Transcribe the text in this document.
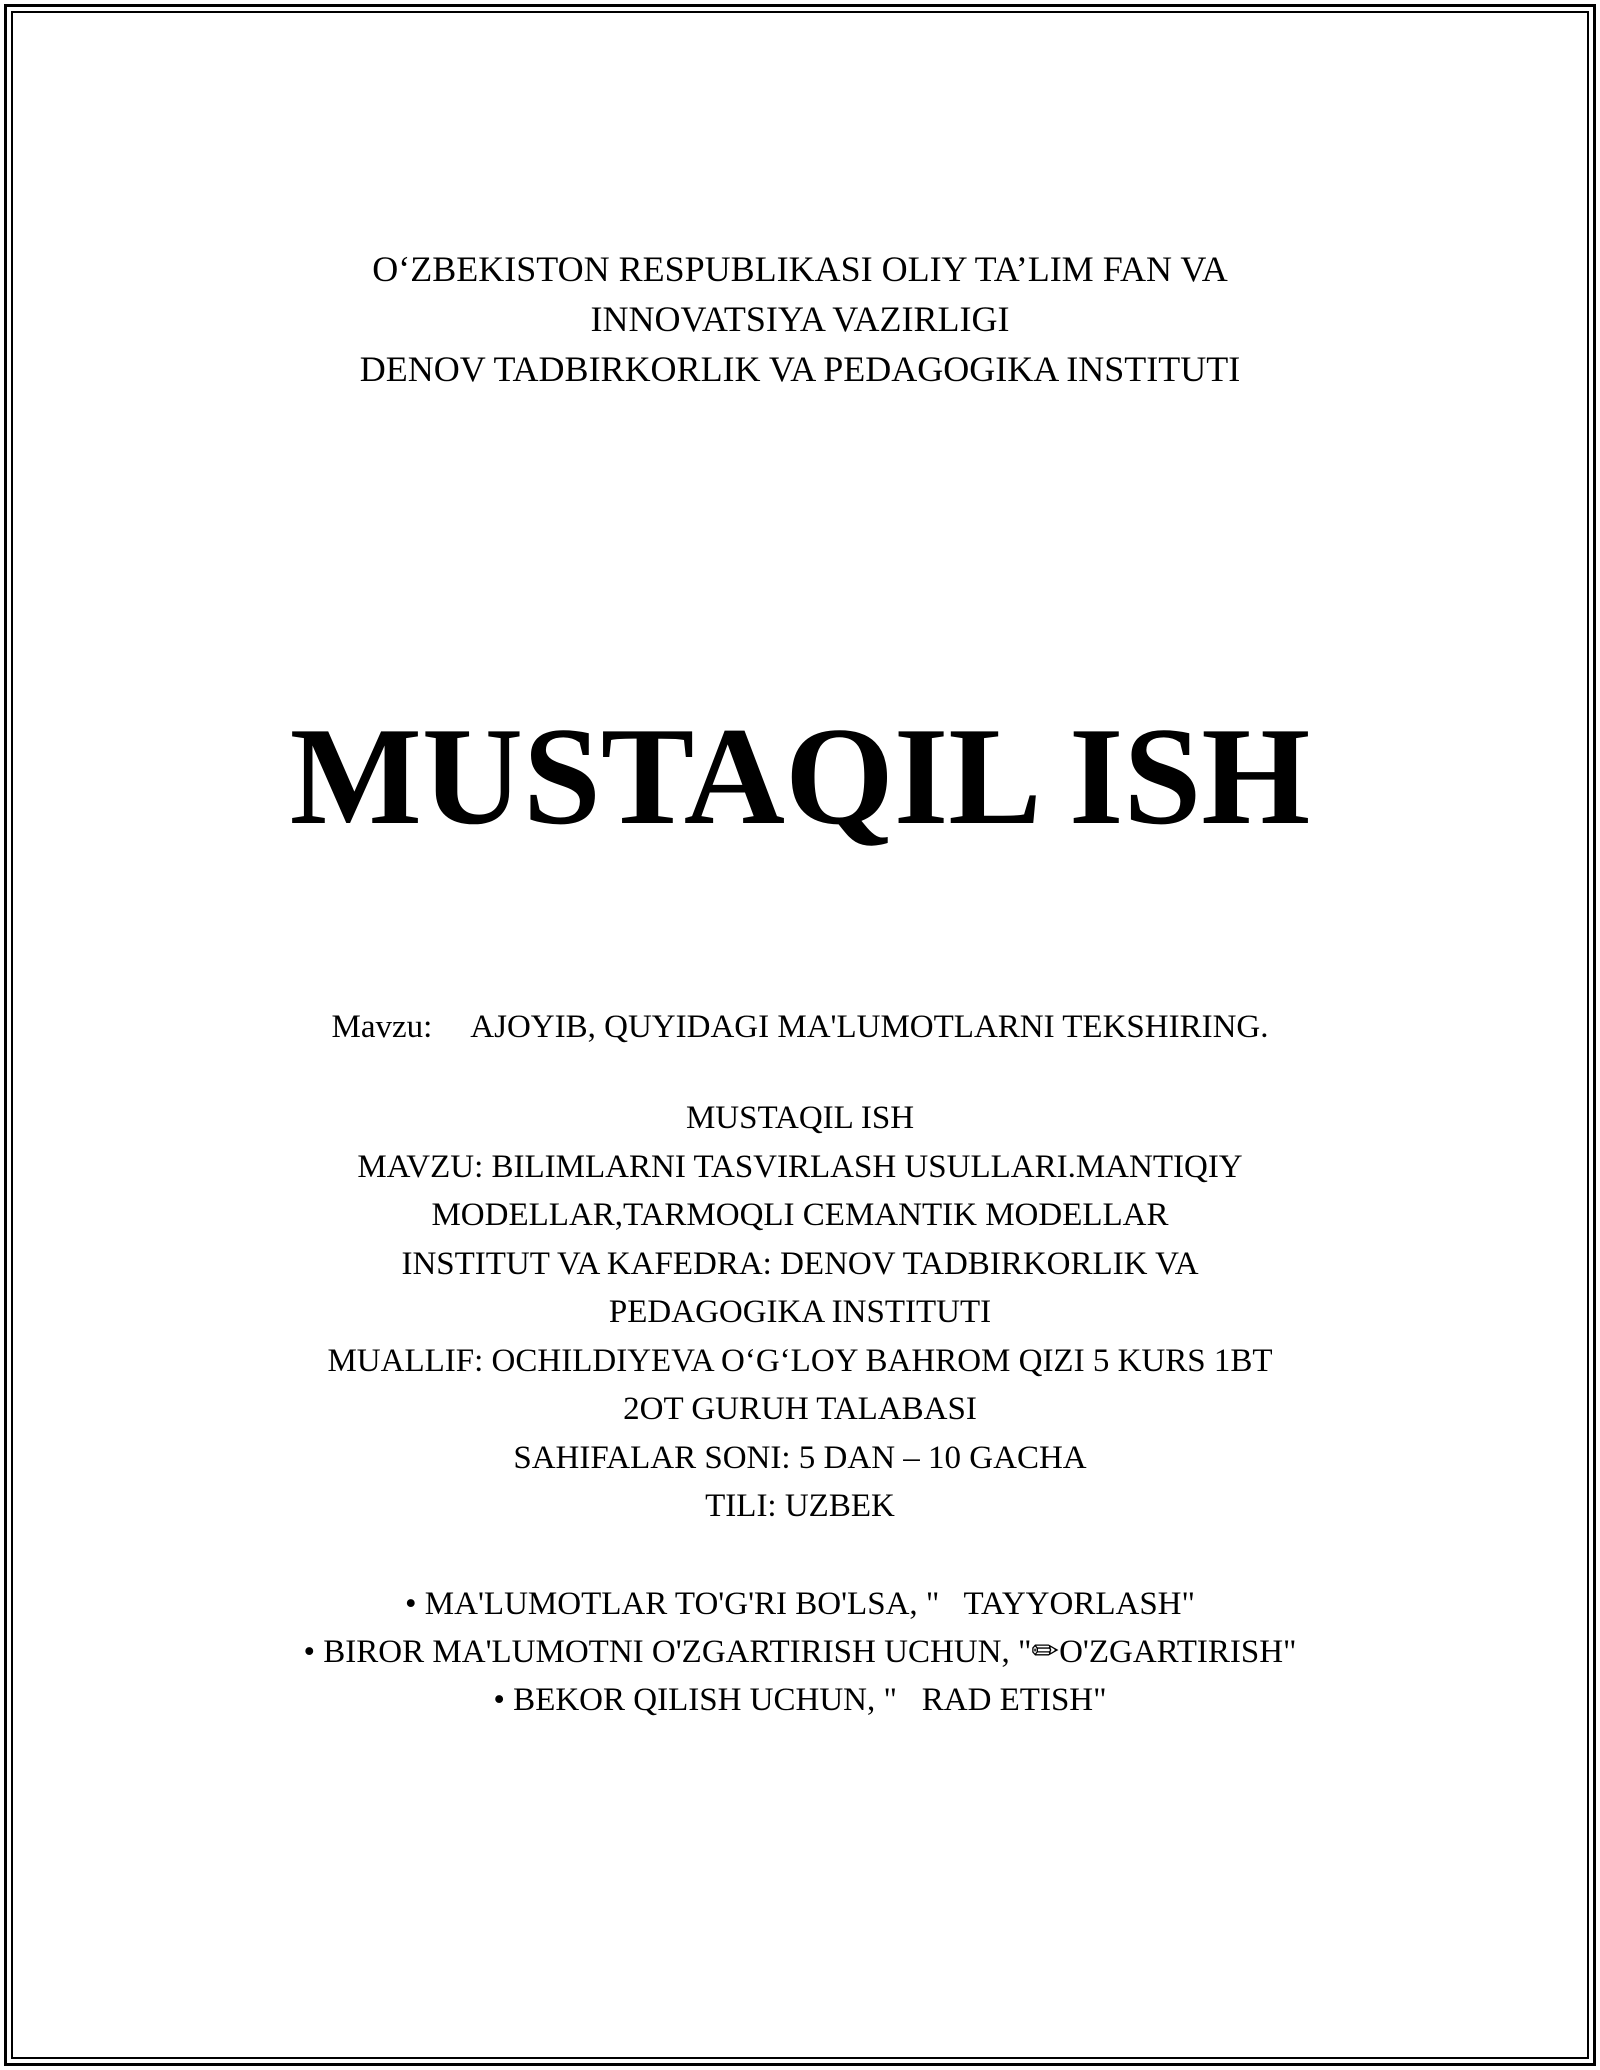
O‘ZBEKISTON RESPUBLIKASI OLIY TA’LIM FAN VA
INNOVATSIYA VAZIRLIGI
DENOV TADBIRKORLIK VA PEDAGOGIKA INSTITUTI
MUSTAQIL ISH
Mavzu: AJOYIB, QUYIDAGI MA'LUMOTLARNI TEKSHIRING.
MUSTAQIL ISH
MAVZU: BILIMLARNI TASVIRLASH USULLARI.MANTIQIY
MODELLAR,TARMOQLI CEMANTIK MODELLAR
INSTITUT VA KAFEDRA: DENOV TADBIRKORLIK VA
PEDAGOGIKA INSTITUTI
MUALLIF: OCHILDIYEVA O‘G‘LOY BAHROM QIZI 5 KURS 1BT
2OT GURUH TALABASI
SAHIFALAR SONI: 5 DAN – 10 GACHA
TILI: UZBEK
• MA'LUMOTLAR TO'G'RI BO'LSA, "   TAYYORLASH"
• BIROR MA'LUMOTNI O'ZGARTIRISH UCHUN, "✏O'ZGARTIRISH"
• BEKOR QILISH UCHUN, "   RAD ETISH"
